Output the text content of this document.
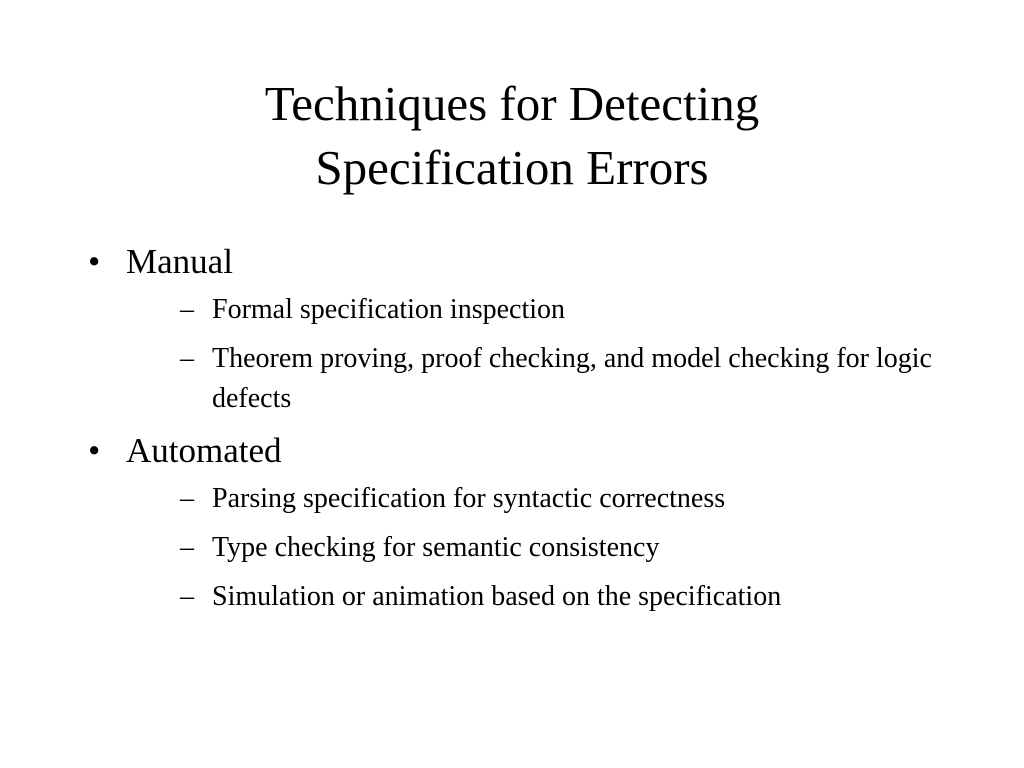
Techniques for Detecting
Specification Errors
• Manual
– Formal specification inspection
– Theorem proving, proof checking, and model checking for logic defects
• Automated
– Parsing specification for syntactic correctness
– Type checking for semantic consistency
– Simulation or animation based on the specification
